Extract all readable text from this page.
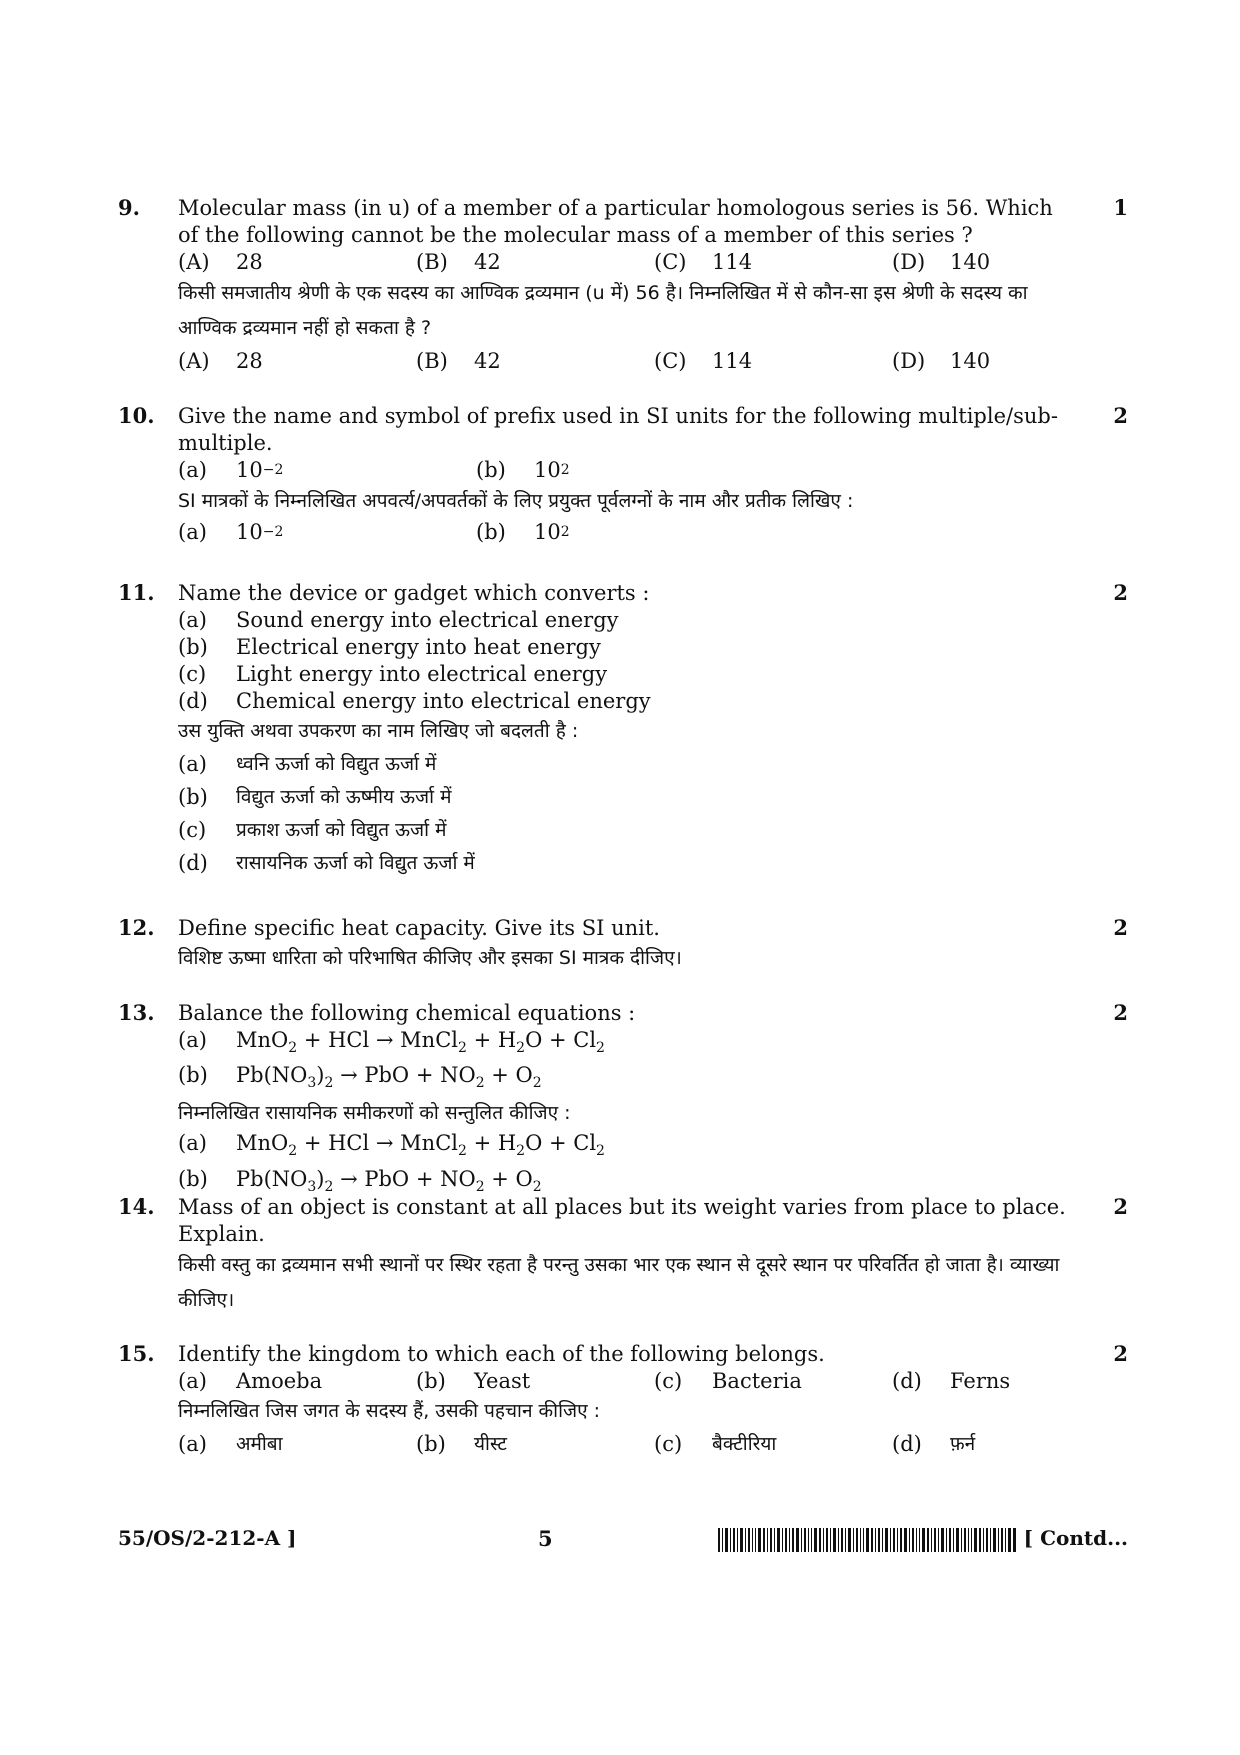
9.	1
Molecular mass (in u) of a member of a particular homologous series is 56. Which of the following cannot be the molecular mass of a member of this series ?
(A)	28	(B)	42	(C)	114	(D)	140
किसी समजातीय श्रेणी के एक सदस्य का आण्विक द्रव्यमान (u में) 56 है। निम्नलिखित में से कौन-सा इस श्रेणी के सदस्य का आण्विक द्रव्यमान नहीं हो सकता है ?
(A)	28	(B)	42	(C)	114	(D)	140
10.	2
Give the name and symbol of prefix used in SI units for the following multiple/sub-multiple.
(a)	10 −2	(b)	10 2
SI मात्रकों के निम्नलिखित अपवर्त्य/अपवर्तकों के लिए प्रयुक्त पूर्वलग्नों के नाम और प्रतीक लिखिए :
(a)	10 −2	(b)	10 2
11.	2
Name the device or gadget which converts :
(a)	Sound energy into electrical energy
(b)	Electrical energy into heat energy
(c)	Light energy into electrical energy
(d)	Chemical energy into electrical energy
उस युक्ति अथवा उपकरण का नाम लिखिए जो बदलती है :
(a)	ध्वनि ऊर्जा को विद्युत ऊर्जा में
(b)	विद्युत ऊर्जा को ऊष्मीय ऊर्जा में
(c)	प्रकाश ऊर्जा को विद्युत ऊर्जा में
(d)	रासायनिक ऊर्जा को विद्युत ऊर्जा में
12.	2
Define specific heat capacity. Give its SI unit.
विशिष्ट ऊष्मा धारिता को परिभाषित कीजिए और इसका SI मात्रक दीजिए।
13.	2
Balance the following chemical equations :
(a)	MnO$_2$ + HCl → MnCl$_2$ + $H_2O + Cl_2$
(b)	$Pb(NO_3)_2$ → PbO + $NO_2 + O_2$
निम्नलिखित रासायनिक समीकरणों को सन्तुलित कीजिए :
(a)	MnO$_2$ + HCl → MnCl$_2$ + $H_2O + Cl_2$
(b)	$Pb(NO_3)_2$ → PbO + $NO_2 + O_2$
14.	2
Mass of an object is constant at all places but its weight varies from place to place. Explain.
किसी वस्तु का द्रव्यमान सभी स्थानों पर स्थिर रहता है परन्तु उसका भार एक स्थान से दूसरे स्थान पर परिवर्तित हो जाता है। व्याख्या कीजिए।
15.	2
Identify the kingdom to which each of the following belongs.
(a)	Amoeba	(b)	Yeast	(c)	Bacteria	(d)	Ferns
निम्नलिखित जिस जगत के सदस्य हैं, उसकी पहचान कीजिए :
(a)	अमीबा	(b)	यीस्ट	(c)	बैक्टीरिया	(d)	फ़र्न
55/OS/2-212-A ]	5	[ Contd...
